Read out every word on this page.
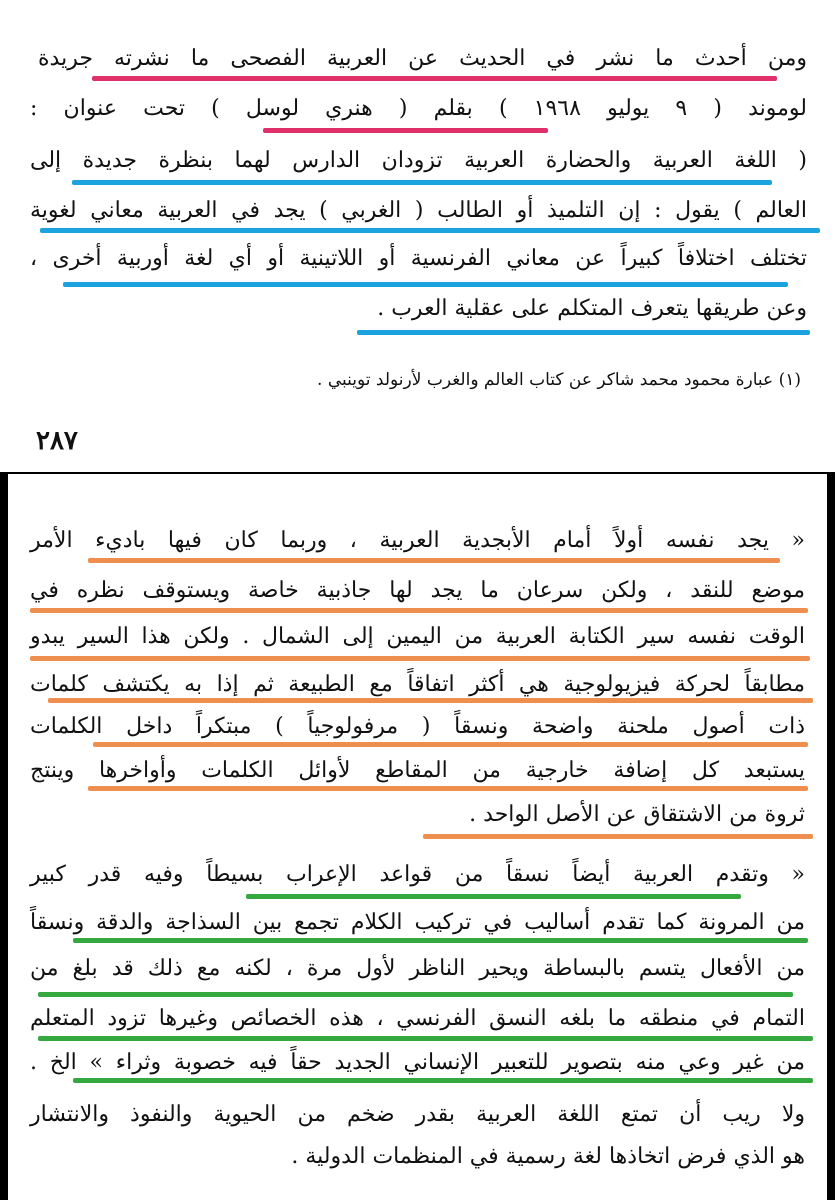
ومن أحدث ما نشر في الحديث عن العربية الفصحى ما نشرته جريدة

لوموند ( ٩ يوليو ١٩٦٨ ) بقلم ( هنري لوسل ) تحت عنوان :

( اللغة العربية والحضارة العربية تزودان الدارس لهما بنظرة جديدة إلى

العالم ) يقول : إن التلميذ أو الطالب ( الغربي ) يجد في العربية معاني لغوية

تختلف اختلافاً كبيراً عن معاني الفرنسية أو اللاتينية أو أي لغة أوربية أخرى ،

وعن طريقها يتعرف المتكلم على عقلية العرب .

(١) عبارة محمود محمد شاكر عن كتاب العالم والغرب لأرنولد توينبي .
٢٨٧

« يجد نفسه أولاً أمام الأبجدية العربية ، وربما كان فيها باديء الأمر

موضع للنقد ، ولكن سرعان ما يجد لها جاذبية خاصة ويستوقف نظره في

الوقت نفسه سير الكتابة العربية من اليمين إلى الشمال . ولكن هذا السير يبدو

مطابقاً لحركة فيزيولوجية هي أكثر اتفاقاً مع الطبيعة ثم إذا به يكتشف كلمات

ذات أصول ملحنة واضحة ونسقاً ( مرفولوجياً ) مبتكراً داخل الكلمات

يستبعد كل إضافة خارجية من المقاطع لأوائل الكلمات وأواخرها وينتج

ثروة من الاشتقاق عن الأصل الواحد .

« وتقدم العربية أيضاً نسقاً من قواعد الإعراب بسيطاً وفيه قدر كبير

من المرونة كما تقدم أساليب في تركيب الكلام تجمع بين السذاجة والدقة ونسقاً

من الأفعال يتسم بالبساطة ويحير الناظر لأول مرة ، لكنه مع ذلك قد بلغ من

التمام في منطقه ما بلغه النسق الفرنسي ، هذه الخصائص وغيرها تزود المتعلم

من غير وعي منه بتصوير للتعبير الإنساني الجديد حقاً فيه خصوبة وثراء » الخ .

ولا ريب أن تمتع اللغة العربية بقدر ضخم من الحيوية والنفوذ والانتشار

هو الذي فرض اتخاذها لغة رسمية في المنظمات الدولية .
